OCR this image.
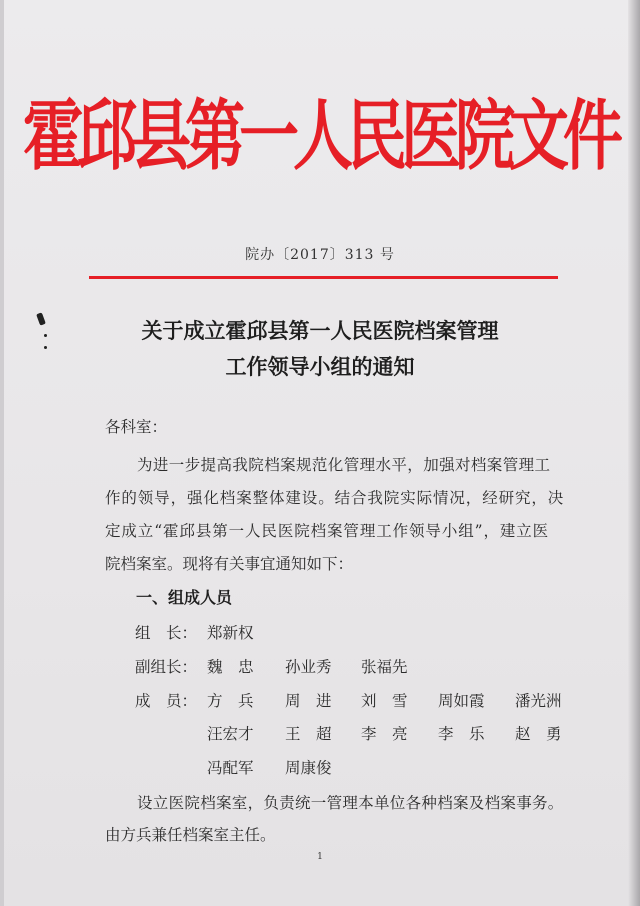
霍邱县第一人民医院文件
院办〔2017〕313 号
关于成立霍邱县第一人民医院档案管理
工作领导小组的通知
各科室：
为进一步提高我院档案规范化管理水平，加强对档案管理工
作的领导，强化档案整体建设。结合我院实际情况，经研究，决
定成立“霍邱县第一人民医院档案管理工作领导小组”，建立医
院档案室。现将有关事宜通知如下：
一、组成人员
组　长： 郑新权
副组长： 魏　忠 孙业秀 张福先
成　员： 方　兵 周　进 刘　雪 周如霞 潘光洲
汪宏才 王　超 李　亮 李　乐 赵　勇
冯配军 周康俊
设立医院档案室，负责统一管理本单位各种档案及档案事务。
由方兵兼任档案室主任。
1
